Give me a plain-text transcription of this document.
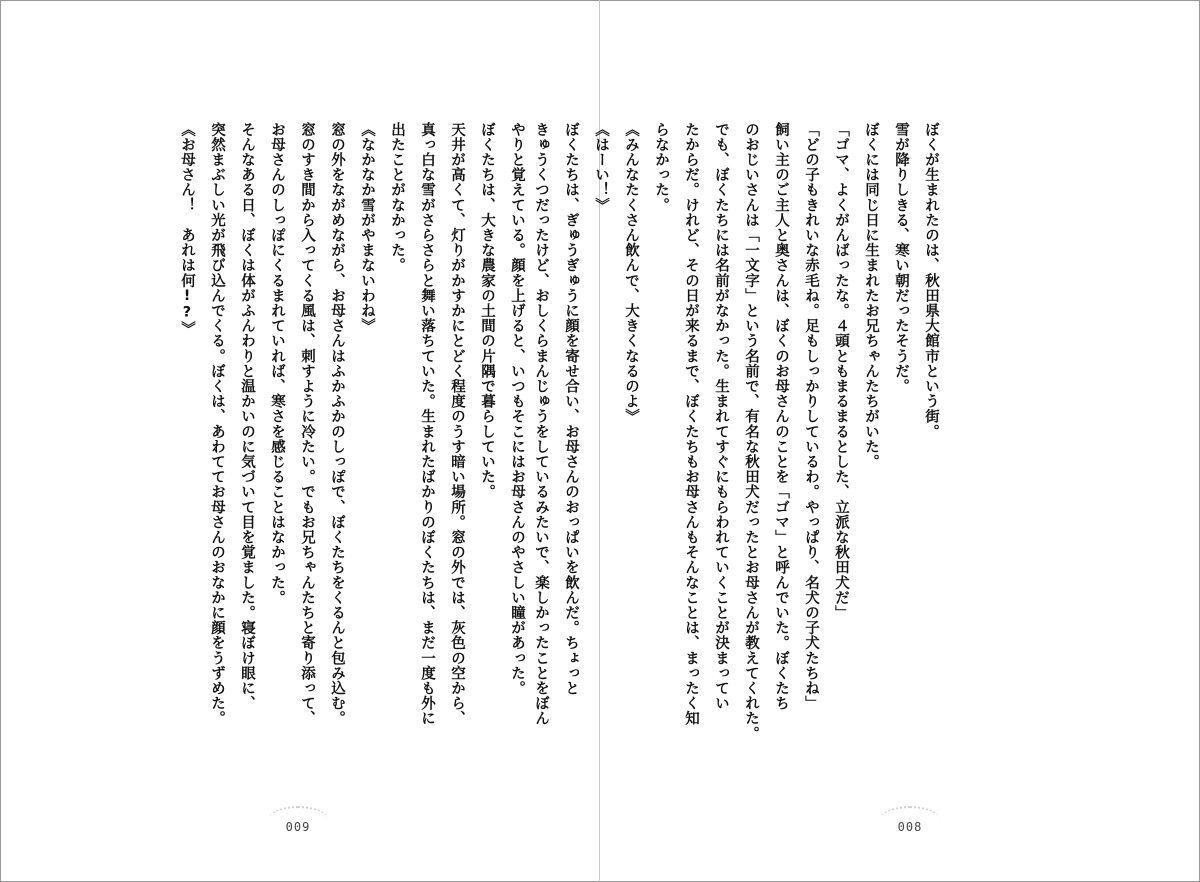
ぼくが生まれたのは、秋田県大館市という街。
雪が降りしきる、寒い朝だったそうだ。
ぼくには同じ日に生まれたお兄ちゃんたちがいた。
「ゴマ、よくがんばったな。４頭ともまるまるとした、立派な秋田犬だ」
「どの子もきれいな赤毛ね。足もしっかりしているわ。やっぱり、名犬の子犬たちね」
飼い主のご主人と奥さんは、ぼくのお母さんのことを「ゴマ」と呼んでいた。ぼくたち
のおじいさんは「一文字」という名前で、有名な秋田犬だったとお母さんが教えてくれた。
でも、ぼくたちには名前がなかった。生まれてすぐにもらわれていくことが決まってい
たからだ。けれど、その日が来るまで、ぼくたちもお母さんもそんなことは、まったく知
らなかった。
《みんなたくさん飲んで、大きくなるのよ》
《はーい！》
ぼくたちは、ぎゅうぎゅうに顔を寄せ合い、お母さんのおっぱいを飲んだ。ちょっと
きゅうくつだったけど、おしくらまんじゅうをしているみたいで、楽しかったことをぼん
やりと覚えている。顔を上げると、いつもそこにはお母さんのやさしい瞳があった。
ぼくたちは、大きな農家の土間の片隅で暮らしていた。
天井が高くて、灯りがかすかにとどく程度のうす暗い場所。窓の外では、灰色の空から、
真っ白な雪がさらさらと舞い落ちていた。生まれたばかりのぼくたちは、まだ一度も外に
出たことがなかった。
《なかなか雪がやまないわね》
窓の外をながめながら、お母さんはふかふかのしっぽで、ぼくたちをくるんと包み込む。
窓のすき間から入ってくる風は、刺すように冷たい。でもお兄ちゃんたちと寄り添って、
お母さんのしっぽにくるまれていれば、寒さを感じることはなかった。
そんなある日、ぼくは体がふんわりと温かいのに気づいて目を覚ました。寝ぼけ眼に、
突然まぶしい光が飛び込んでくる。ぼくは、あわててお母さんのおなかに顔をうずめた。
《お母さん！　あれは何!?》
009	008
